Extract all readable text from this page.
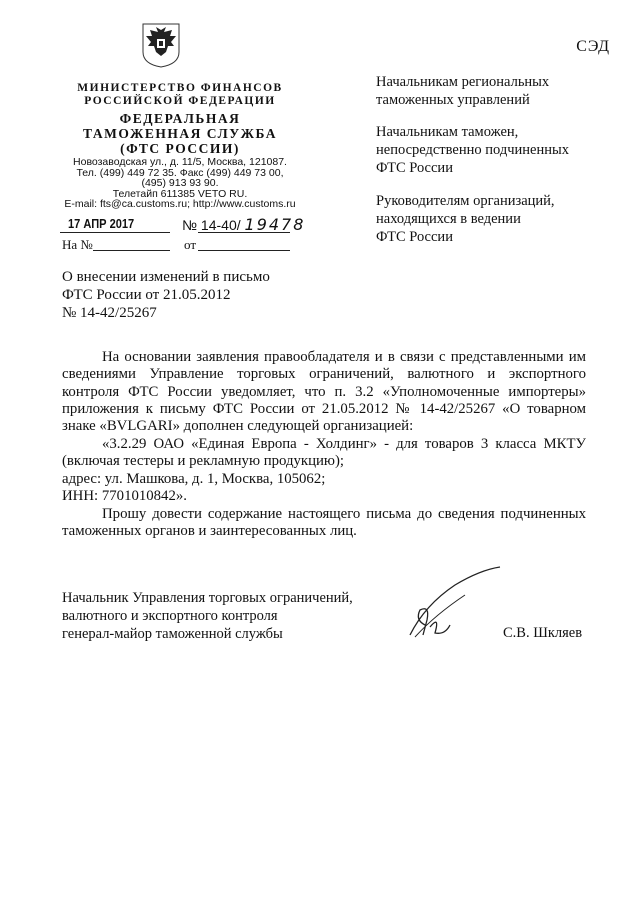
СЭД
МИНИСТЕРСТВО ФИНАНСОВ
РОССИЙСКОЙ ФЕДЕРАЦИИ
ФЕДЕРАЛЬНАЯ
ТАМОЖЕННАЯ СЛУЖБА
(ФТС РОССИИ)
Новозаводская ул., д. 11/5, Москва, 121087.
Тел. (499) 449 72 35. Факс (499) 449 73 00,
(495) 913 93 90.
Телетайп 611385 VETO RU.
E-mail: fts@ca.customs.ru; http://www.customs.ru
17 АПР 2017	№ 14-40/ 19478
На №	от
Начальникам региональных
таможенных управлений
Начальникам таможен,
непосредственно подчиненных
ФТС России
Руководителям организаций,
находящихся в ведении
ФТС России
О внесении изменений в письмо
ФТС России от 21.05.2012
№ 14-42/25267
На основании заявления правообладателя и в связи с представленными им
сведениями Управление торговых ограничений, валютного и экспортного
контроля ФТС России уведомляет, что п. 3.2 «Уполномоченные импортеры»
приложения к письму ФТС России от 21.05.2012 № 14-42/25267 «О товарном
знаке «BVLGARI» дополнен следующей организацией:
«3.2.29 ОАО «Единая Европа - Холдинг» - для товаров 3 класса МКТУ
(включая тестеры и рекламную продукцию);
адрес: ул. Машкова, д. 1, Москва, 105062;
ИНН: 7701010842».
Прошу довести содержание настоящего письма до сведения подчиненных
таможенных органов и заинтересованных лиц.
Начальник Управления торговых ограничений,
валютного и экспортного контроля
генерал-майор таможенной службы	С.В. Шкляев
